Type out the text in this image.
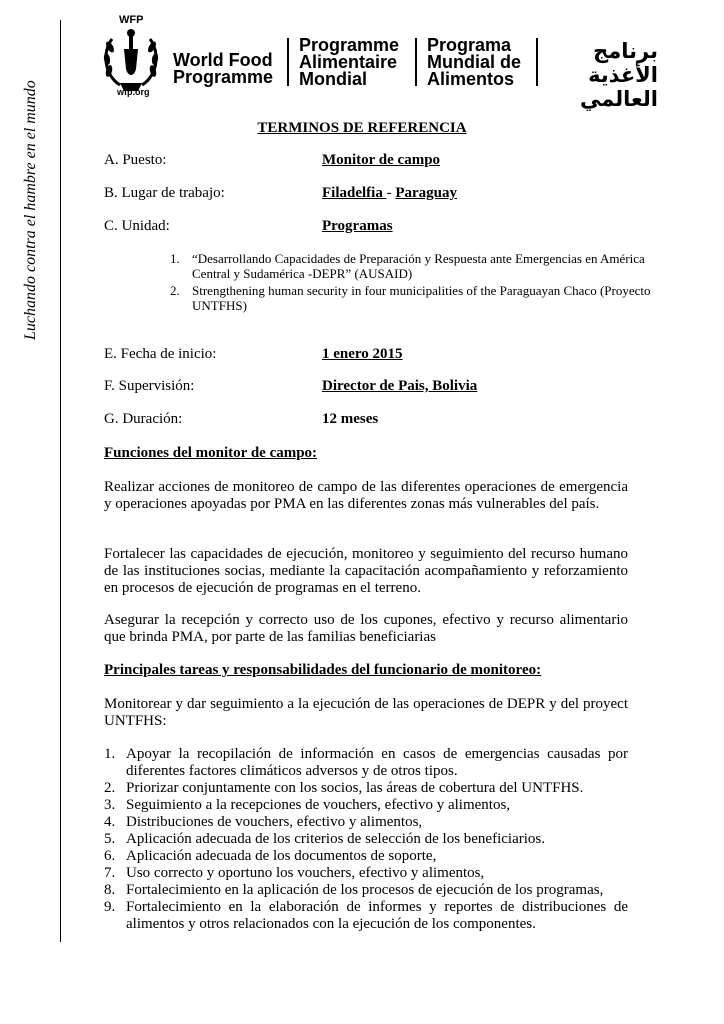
Luchando contra el hambre en el mundo
WFP
wfp.org
World Food
Programme
Programme
Alimentaire
Mondial
Programa
Mundial de
Alimentos
برنامج الأغذية
العالمي
TERMINOS DE REFERENCIA
A. Puesto:	Monitor de campo
B. Lugar de trabajo:	Filadelfia - Paraguay
C. Unidad:	Programas
1. “Desarrollando Capacidades de Preparación y Respuesta ante Emergencias en América Central y Sudamérica -DEPR” (AUSAID)
2. Strengthening human security in four municipalities of the Paraguayan Chaco (Proyecto UNTFHS)
E. Fecha de inicio:	1 enero 2015
F. Supervisión:	Director de Pais, Bolivia
G. Duración:	12 meses
Funciones del monitor de campo:

Realizar acciones de monitoreo de campo de las diferentes operaciones de emergencia y operaciones apoyadas por PMA en las diferentes zonas más vulnerables del país.

Fortalecer las capacidades de ejecución, monitoreo y seguimiento del recurso humano de las instituciones socias, mediante la capacitación acompañamiento y reforzamiento en procesos de ejecución de programas en el terreno.

Asegurar la recepción y correcto uso de los cupones, efectivo y recurso alimentario que brinda PMA, por parte de las familias beneficiarias

Principales tareas y responsabilidades del funcionario de monitoreo:

Monitorear y dar seguimiento a la ejecución de las operaciones de DEPR y del proyect UNTFHS:

1. Apoyar la recopilación de información en casos de emergencias causadas por diferentes factores climáticos adversos y de otros tipos.
2. Priorizar conjuntamente con los socios, las áreas de cobertura del UNTFHS.
3. Seguimiento a la recepciones de vouchers, efectivo y alimentos,
4. Distribuciones de vouchers, efectivo y alimentos,
5. Aplicación adecuada de los criterios de selección de los beneficiarios.
6. Aplicación adecuada de los documentos de soporte,
7. Uso correcto y oportuno los vouchers, efectivo y alimentos,
8. Fortalecimiento en la aplicación de los procesos de ejecución de los programas,
9. Fortalecimiento en la elaboración de informes y reportes de distribuciones de alimentos y otros relacionados con la ejecución de los componentes.
